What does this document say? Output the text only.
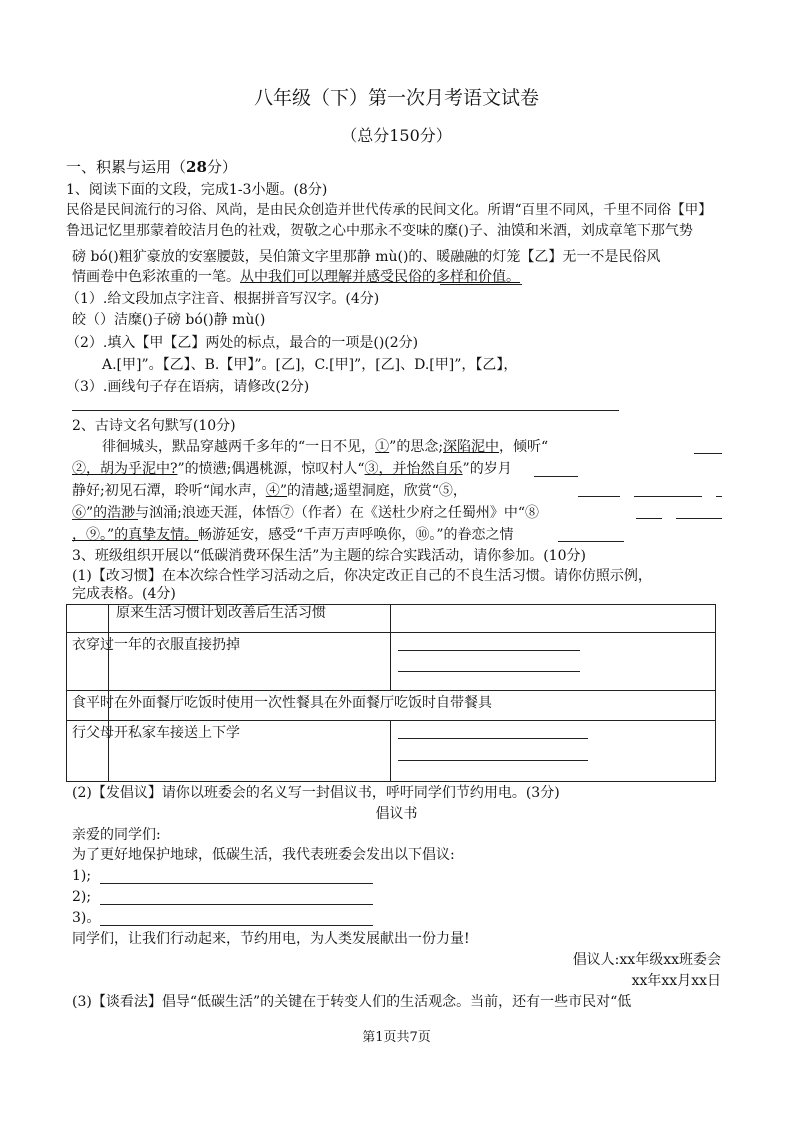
八年级（下）第一次月考语文试卷
（总分150分）
一、积累与运用（28分）
1、阅读下面的文段，完成1-3小题。(8分)
民俗是民间流行的习俗、风尚，是由民众创造并世代传承的民间文化。所谓“百里不同风，千里不同俗【甲】
鲁迅记忆里那蒙着皎洁月色的社戏，贺敬之心中那永不变味的糜()子、油馍和米酒，刘成章笔下那气势
磅 bó()粗犷豪放的安塞腰鼓，吴伯箫文字里那静 mù()的、暖融融的灯笼【乙】无一不是民俗风
情画卷中色彩浓重的一笔。从中我们可以理解并感受民俗的多样和价值。
（1）.给文段加点字注音、根据拼音写汉字。(4分)
皎（）洁糜()子磅 bó()静 mù()
（2）.填入【甲【乙】两处的标点，最合的一项是()(2分)
A.[甲]”。【乙】、B.【甲】”。[乙]，C.[甲]”，[乙]、D.[甲]”，【乙】，
（3）.画线句子存在语病，请修改(2分)
2、古诗文名句默写(10分)
徘徊城头，默品穿越两千多年的“一日不见，①”的思念;深陷泥中，倾听“
②，胡为乎泥中?”的愤懑;偶遇桃源，惊叹村人“③，并怡然自乐”的岁月
静好;初见石潭，聆听“闻水声，④”的清越;遥望洞庭，欣赏“⑤，
⑥”的浩渺与汹涌;浪迹天涯，体悟⑦（作者）在《送杜少府之任蜀州》中“⑧
，⑨。”的真挚友情。畅游延安，感受“千声万声呼唤你，⑩。”的眷恋之情
3、班级组织开展以“低碳消费环保生活”为主题的综合实践活动，请你参加。(10分)
(1)【改习惯】在本次综合性学习活动之后，你决定改正自己的不良生活习惯。请你仿照示例，
完成表格。(4分)
原来生活习惯计划改善后生活习惯
衣穿过一年的衣服直接扔掉
食平时在外面餐厅吃饭时使用一次性餐具在外面餐厅吃饭时自带餐具
行父母开私家车接送上下学
(2)【发倡议】请你以班委会的名义写一封倡议书，呼吁同学们节约用电。(3分)
倡议书
亲爱的同学们:
为了更好地保护地球，低碳生活，我代表班委会发出以下倡议:
1);
2);
3)。
同学们，让我们行动起来，节约用电，为人类发展献出一份力量!
倡议人:xx年级xx班委会
xx年xx月xx日
(3)【谈看法】倡导“低碳生活”的关键在于转变人们的生活观念。当前，还有一些市民对“低
第1页共7页
